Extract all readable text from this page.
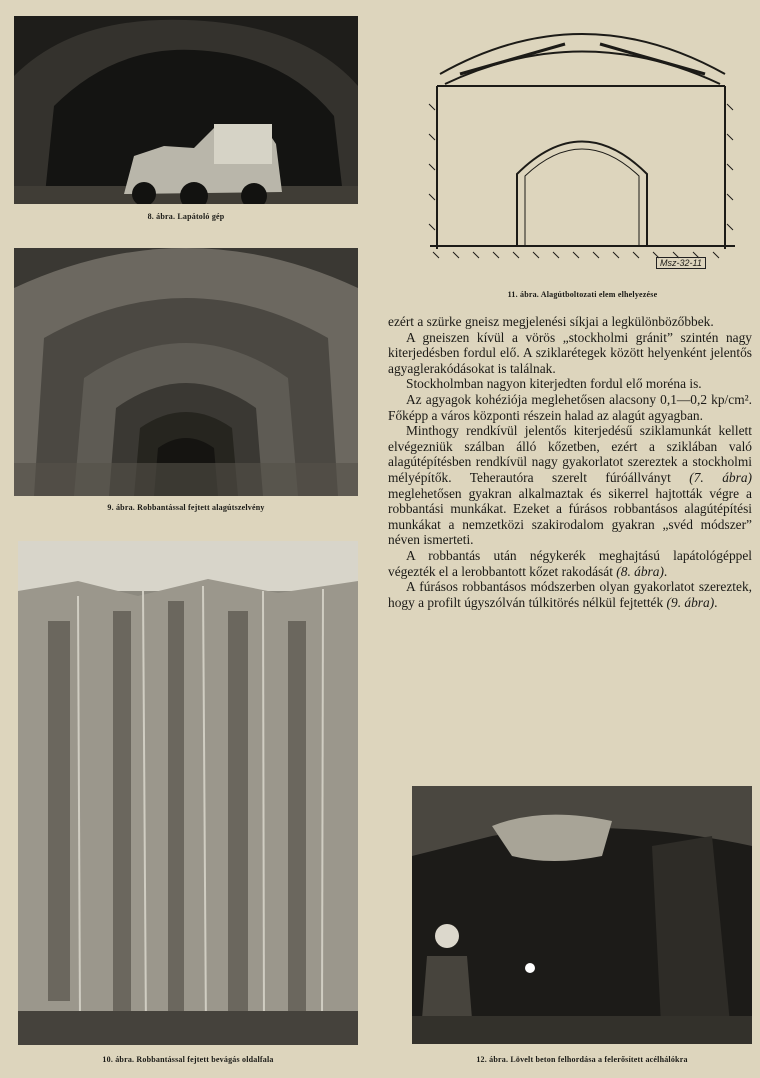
8. ábra. Lapátoló gép
9. ábra. Robbantással fejtett alagútszelvény
10. ábra. Robbantással fejtett bevágás oldalfala
Msz-32-11
11. ábra. Alagútboltozati elem elhelyezése

ezért a szürke gneisz megjelenési síkjai a legkülönbözőbbek.

A gneiszen kívül a vörös „stockholmi gránit” szintén nagy kiterjedésben fordul elő. A sziklarétegek között helyenként jelentős agyaglerakódásokat is találnak.

Stockholmban nagyon kiterjedten fordul elő moréna is.

Az agyagok kohéziója meglehetősen alacsony 0,1—0,2 kp/cm². Főképp a város központi részein halad az alagút agyagban.

Minthogy rendkívül jelentős kiterjedésű sziklamunkát kellett elvégezniük szálban álló kőzetben, ezért a sziklában való alagútépítésben rendkívül nagy gyakorlatot szereztek a stockholmi mélyépítők. Teherautóra szerelt fúróállványt (7. ábra) meglehetősen gyakran alkalmaztak és sikerrel hajtották végre a robbantási munkákat. Ezeket a fúrásos robbantásos alagútépítési munkákat a nemzetközi szakirodalom gyakran „svéd módszer” néven ismerteti.

A robbantás után négykerék meghajtású lapátológéppel végezték el a lerobbantott kőzet rakodását (8. ábra).

A fúrásos robbantásos módszerben olyan gyakorlatot szereztek, hogy a profilt úgyszólván túlkitörés nélkül fejtették (9. ábra).

12. ábra. Lövelt beton felhordása a felerősített acélhálókra
